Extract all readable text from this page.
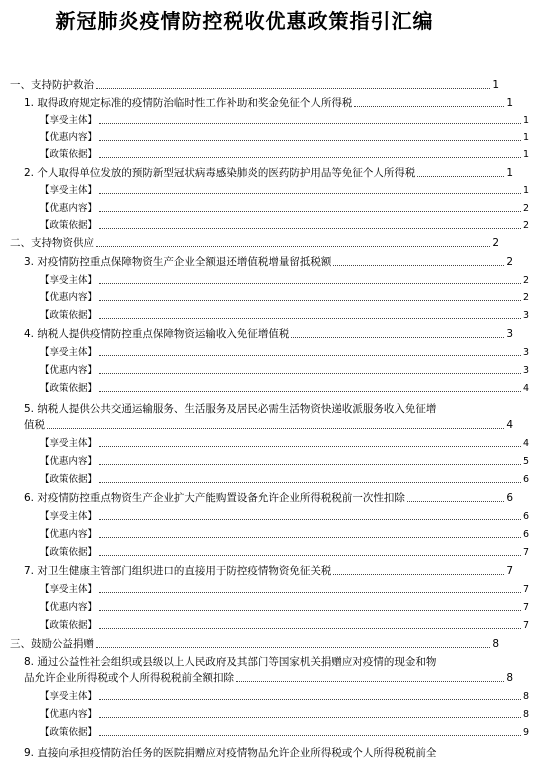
新冠肺炎疫情防控税收优惠政策指引汇编
一、支持防护救治	1
1. 取得政府规定标准的疫情防治临时性工作补助和奖金免征个人所得税	1
【享受主体】	1
【优惠内容】	1
【政策依据】	1
2. 个人取得单位发放的预防新型冠状病毒感染肺炎的医药防护用品等免征个人所得税	1
【享受主体】	1
【优惠内容】	2
【政策依据】	2
二、支持物资供应	2
3. 对疫情防控重点保障物资生产企业全额退还增值税增量留抵税额	2
【享受主体】	2
【优惠内容】	2
【政策依据】	3
4. 纳税人提供疫情防控重点保障物资运输收入免征增值税	3
【享受主体】	3
【优惠内容】	3
【政策依据】	4
5. 纳税人提供公共交通运输服务、生活服务及居民必需生活物资快递收派服务收入免征增
值税	4
【享受主体】	4
【优惠内容】	5
【政策依据】	6
6. 对疫情防控重点物资生产企业扩大产能购置设备允许企业所得税税前一次性扣除	6
【享受主体】	6
【优惠内容】	6
【政策依据】	7
7. 对卫生健康主管部门组织进口的直接用于防控疫情物资免征关税	7
【享受主体】	7
【优惠内容】	7
【政策依据】	7
三、鼓励公益捐赠	8
8. 通过公益性社会组织或县级以上人民政府及其部门等国家机关捐赠应对疫情的现金和物
品允许企业所得税或个人所得税税前全额扣除	8
【享受主体】	8
【优惠内容】	8
【政策依据】	9
9. 直接向承担疫情防治任务的医院捐赠应对疫情物品允许企业所得税或个人所得税税前全
